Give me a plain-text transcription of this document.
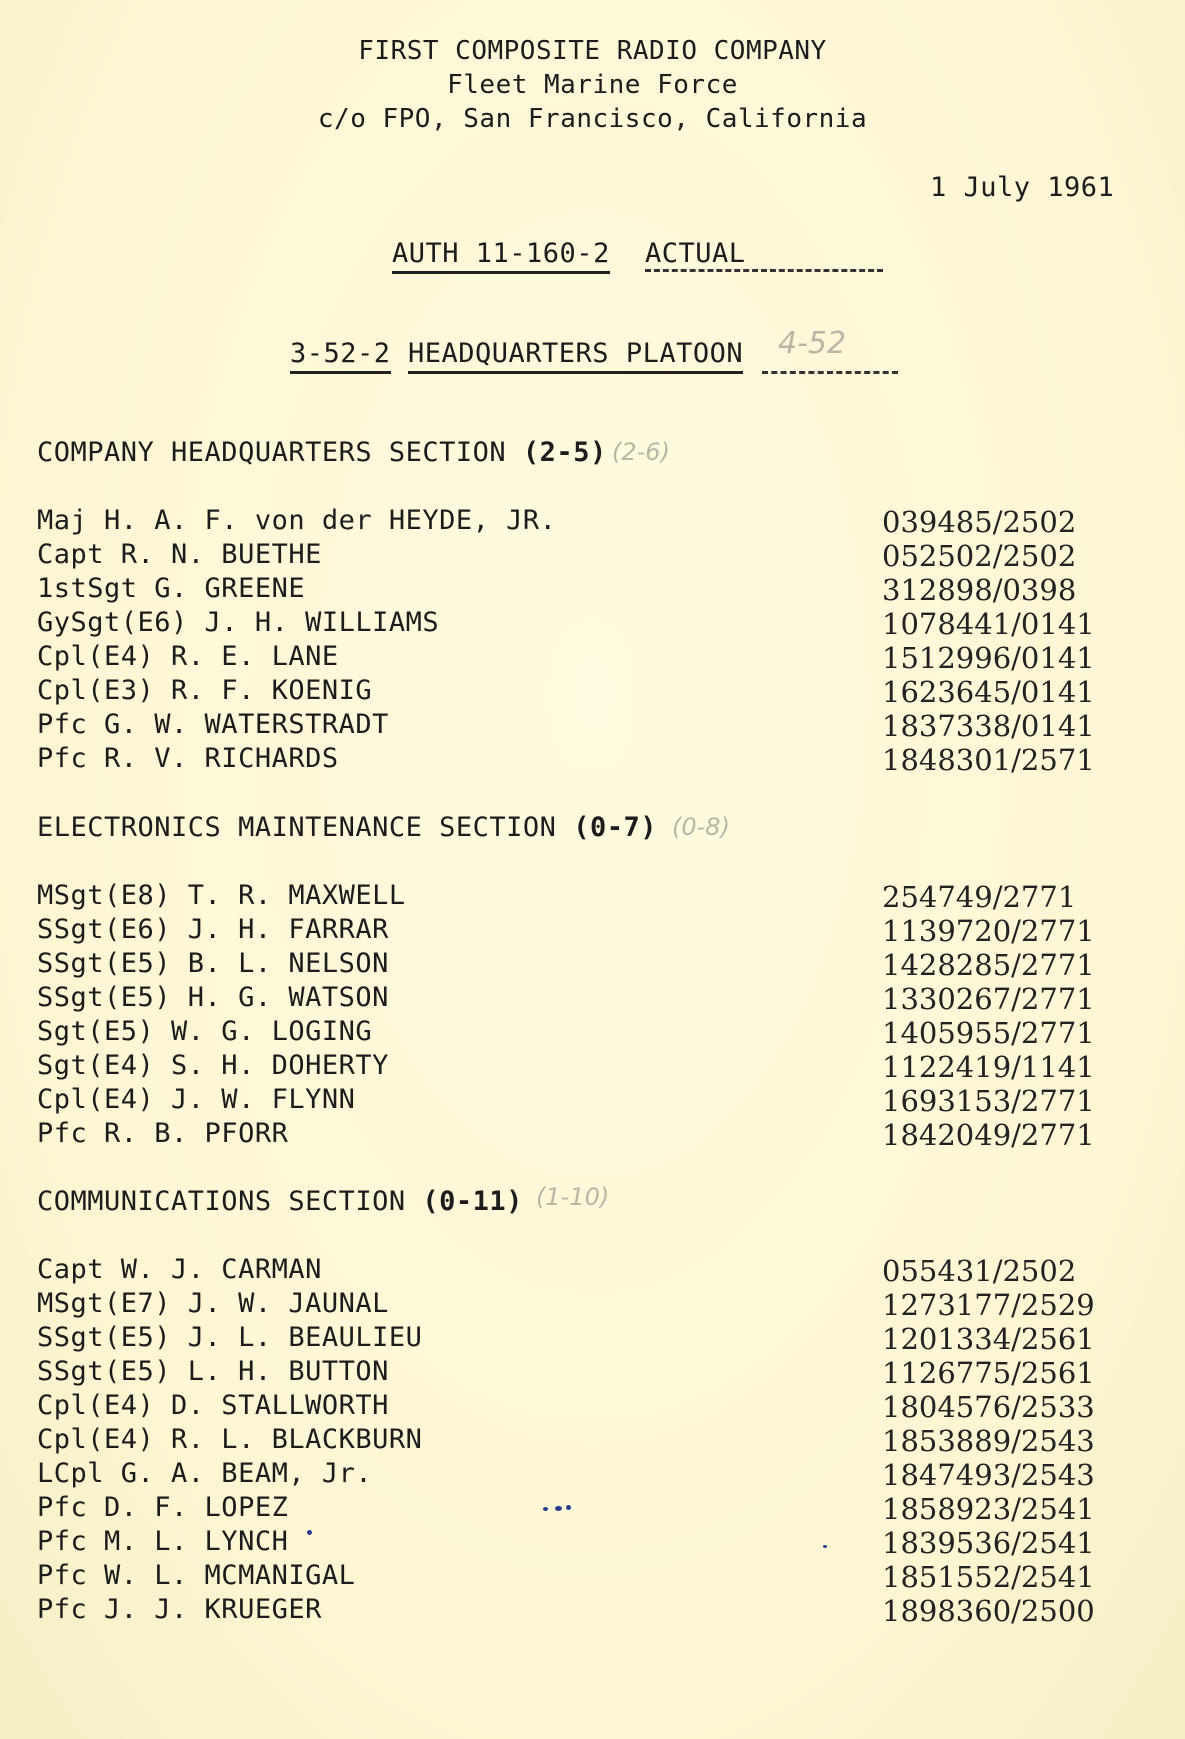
FIRST COMPOSITE RADIO COMPANY
Fleet Marine Force
c/o FPO, San Francisco, California
1 July 1961
AUTH 11-160-2 ACTUAL
3-52-2 HEADQUARTERS PLATOON 4-52
COMPANY HEADQUARTERS SECTION (2-5) (2-6)
Maj H. A. F. von der HEYDE, JR.	039485/2502
Capt R. N. BUETHE	052502/2502
1stSgt G. GREENE	312898/0398
GySgt(E6) J. H. WILLIAMS	1078441/0141
Cpl(E4) R. E. LANE	1512996/0141
Cpl(E3) R. F. KOENIG	1623645/0141
Pfc G. W. WATERSTRADT	1837338/0141
Pfc R. V. RICHARDS	1848301/2571
ELECTRONICS MAINTENANCE SECTION (0-7) (0-8)
MSgt(E8) T. R. MAXWELL	254749/2771
SSgt(E6) J. H. FARRAR	1139720/2771
SSgt(E5) B. L. NELSON	1428285/2771
SSgt(E5) H. G. WATSON	1330267/2771
Sgt(E5) W. G. LOGING	1405955/2771
Sgt(E4) S. H. DOHERTY	1122419/1141
Cpl(E4) J. W. FLYNN	1693153/2771
Pfc R. B. PFORR	1842049/2771
COMMUNICATIONS SECTION (0-11) (1-10)
Capt W. J. CARMAN	055431/2502
MSgt(E7) J. W. JAUNAL	1273177/2529
SSgt(E5) J. L. BEAULIEU	1201334/2561
SSgt(E5) L. H. BUTTON	1126775/2561
Cpl(E4) D. STALLWORTH	1804576/2533
Cpl(E4) R. L. BLACKBURN	1853889/2543
LCpl G. A. BEAM, Jr.	1847493/2543
Pfc D. F. LOPEZ	1858923/2541
Pfc M. L. LYNCH	1839536/2541
Pfc W. L. MCMANIGAL	1851552/2541
Pfc J. J. KRUEGER	1898360/2500
